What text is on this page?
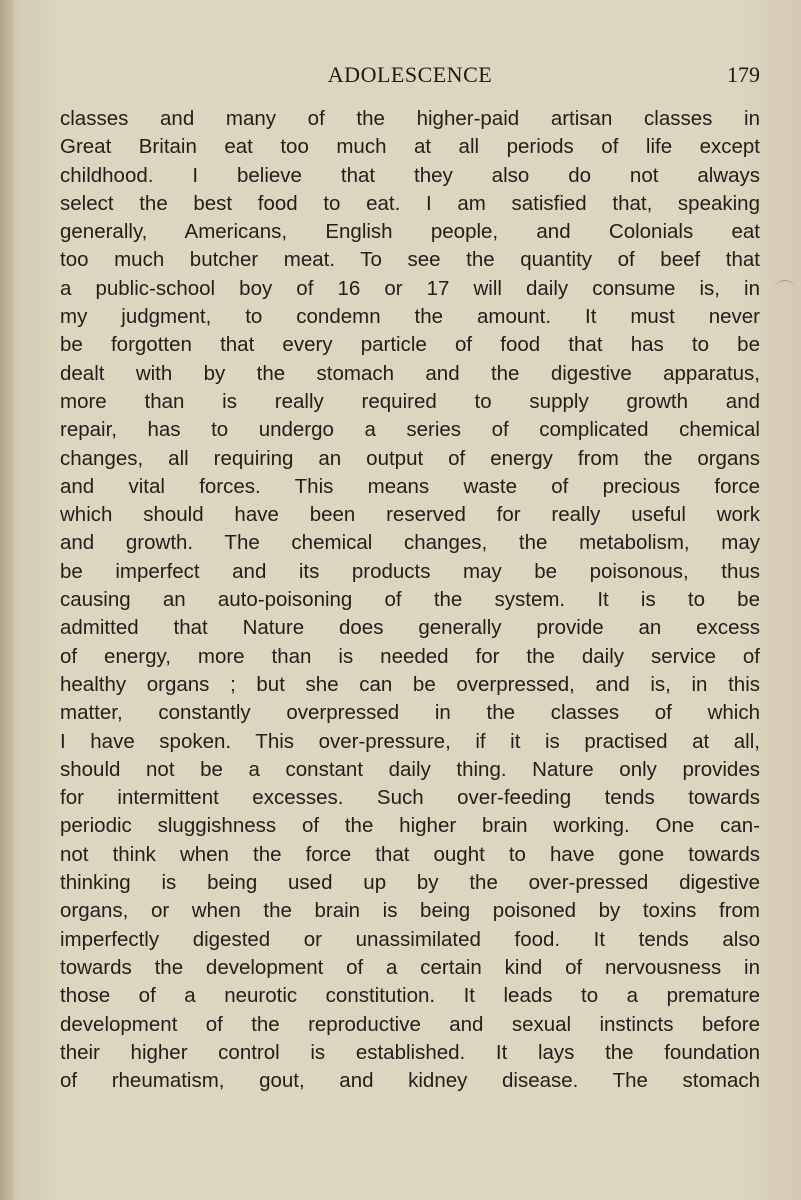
ADOLESCENCE	179
classes and many of the higher-paid artisan classes in
Great Britain eat too much at all periods of life except
childhood. I believe that they also do not always
select the best food to eat. I am satisfied that, speaking
generally, Americans, English people, and Colonials eat
too much butcher meat. To see the quantity of beef that
a public-school boy of 16 or 17 will daily consume is, in
my judgment, to condemn the amount. It must never
be forgotten that every particle of food that has to be
dealt with by the stomach and the digestive apparatus,
more than is really required to supply growth and
repair, has to undergo a series of complicated chemical
changes, all requiring an output of energy from the organs
and vital forces. This means waste of precious force
which should have been reserved for really useful work
and growth. The chemical changes, the metabolism, may
be imperfect and its products may be poisonous, thus
causing an auto-poisoning of the system. It is to be
admitted that Nature does generally provide an excess
of energy, more than is needed for the daily service of
healthy organs ; but she can be overpressed, and is, in this
matter, constantly overpressed in the classes of which
I have spoken. This over-pressure, if it is practised at all,
should not be a constant daily thing. Nature only provides
for intermittent excesses. Such over-feeding tends towards
periodic sluggishness of the higher brain working. One can-
not think when the force that ought to have gone towards
thinking is being used up by the over-pressed digestive
organs, or when the brain is being poisoned by toxins from
imperfectly digested or unassimilated food. It tends also
towards the development of a certain kind of nervousness in
those of a neurotic constitution. It leads to a premature
development of the reproductive and sexual instincts before
their higher control is established. It lays the foundation
of rheumatism, gout, and kidney disease. The stomach
